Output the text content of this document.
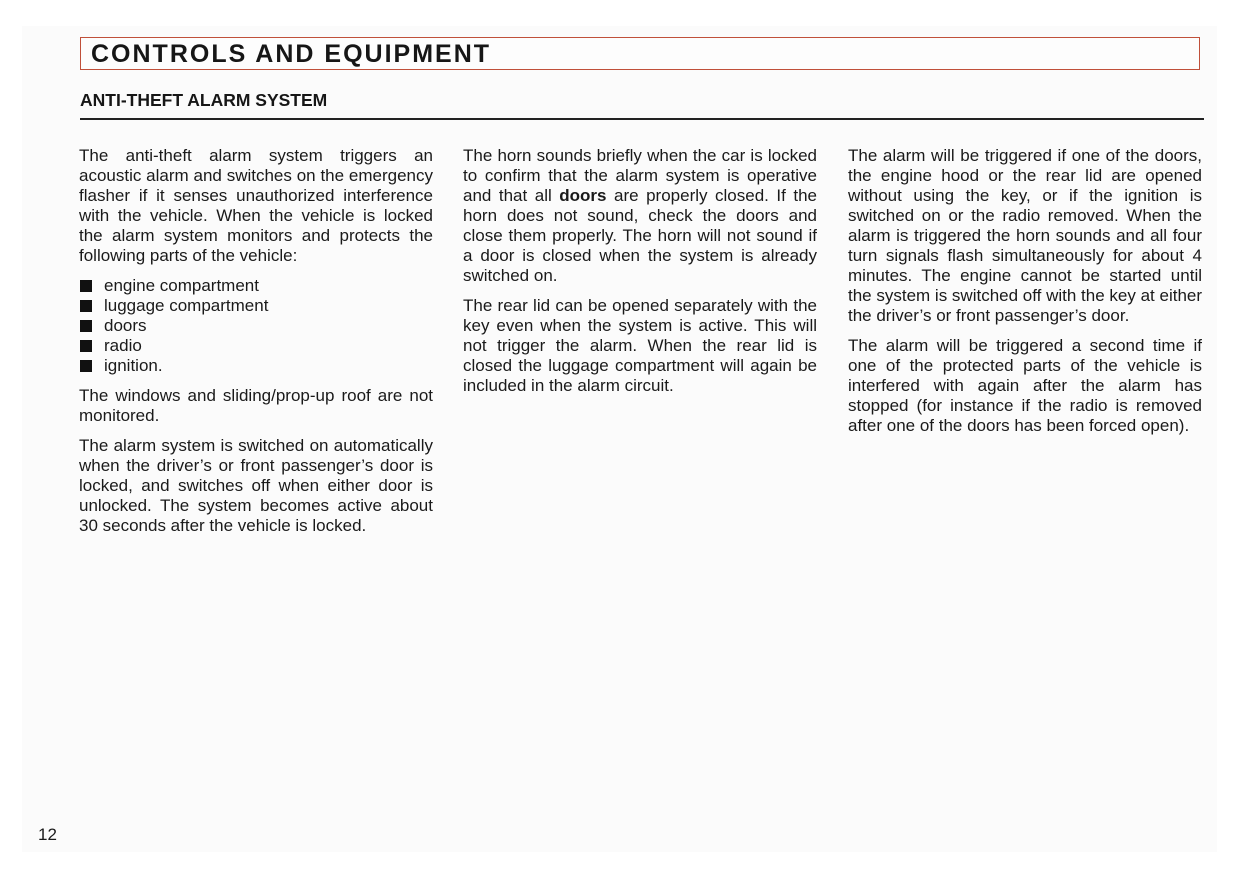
CONTROLS AND EQUIPMENT
ANTI-THEFT ALARM SYSTEM

The anti-theft alarm system triggers an acoustic alarm and switches on the emergency flasher if it senses unauthorized interference with the vehicle. When the vehicle is locked the alarm system monitors and protects the following parts of the vehicle:

engine compartment
luggage compartment
doors
radio
ignition.

The windows and sliding/prop-up roof are not monitored.

The alarm system is switched on automatically when the driver’s or front passenger’s door is locked, and switches off when either door is unlocked. The system becomes active about 30 seconds after the vehicle is locked.

The horn sounds briefly when the car is locked to confirm that the alarm system is operative and that all doors are properly closed. If the horn does not sound, check the doors and close them properly. The horn will not sound if a door is closed when the system is already switched on.

The rear lid can be opened separately with the key even when the system is active. This will not trigger the alarm. When the rear lid is closed the luggage compartment will again be included in the alarm circuit.

The alarm will be triggered if one of the doors, the engine hood or the rear lid are opened without using the key, or if the ignition is switched on or the radio removed. When the alarm is triggered the horn sounds and all four turn signals flash simultaneously for about 4 minutes. The engine cannot be started until the system is switched off with the key at either the driver’s or front passenger’s door.

The alarm will be triggered a second time if one of the protected parts of the vehicle is interfered with again after the alarm has stopped (for instance if the radio is removed after one of the doors has been forced open).

12
